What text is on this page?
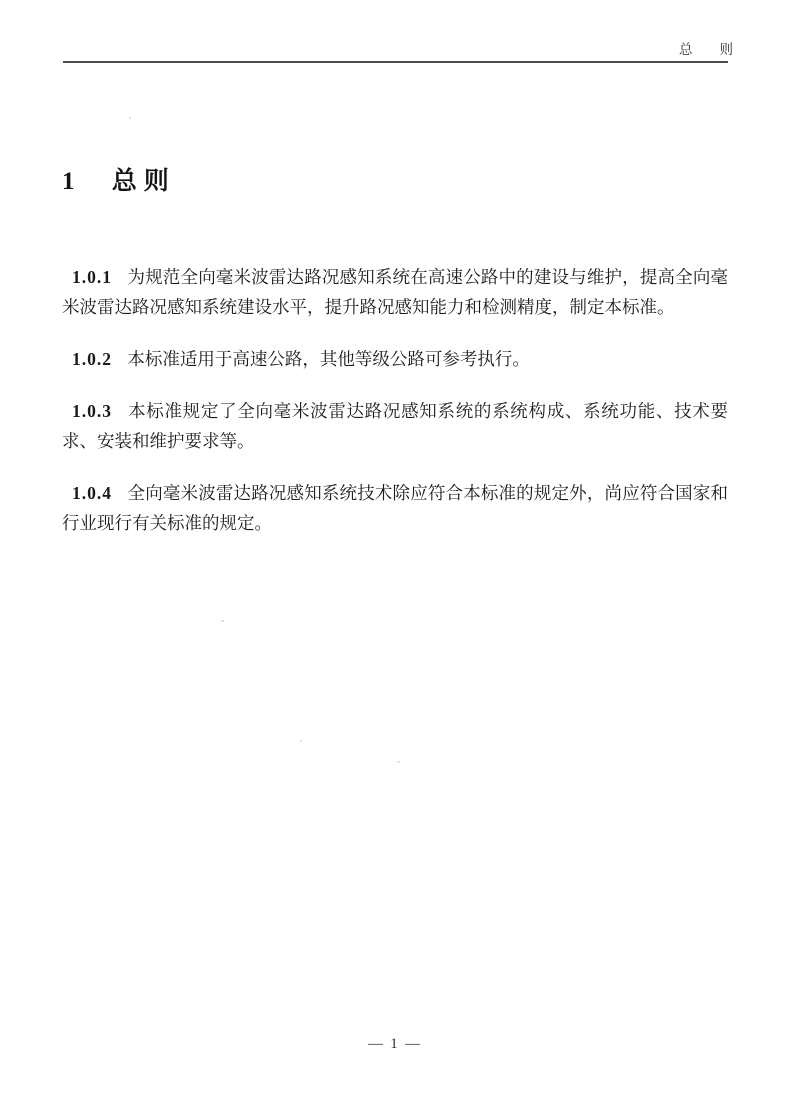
总　　则
1 总则

1.0.1 为规范全向毫米波雷达路况感知系统在高速公路中的建设与维护，提高全向毫米波雷达路况感知系统建设水平，提升路况感知能力和检测精度，制定本标准。

1.0.2 本标准适用于高速公路，其他等级公路可参考执行。

1.0.3 本标准规定了全向毫米波雷达路况感知系统的系统构成、系统功能、技术要求、安装和维护要求等。

1.0.4 全向毫米波雷达路况感知系统技术除应符合本标准的规定外，尚应符合国家和行业现行有关标准的规定。

— 1 —
